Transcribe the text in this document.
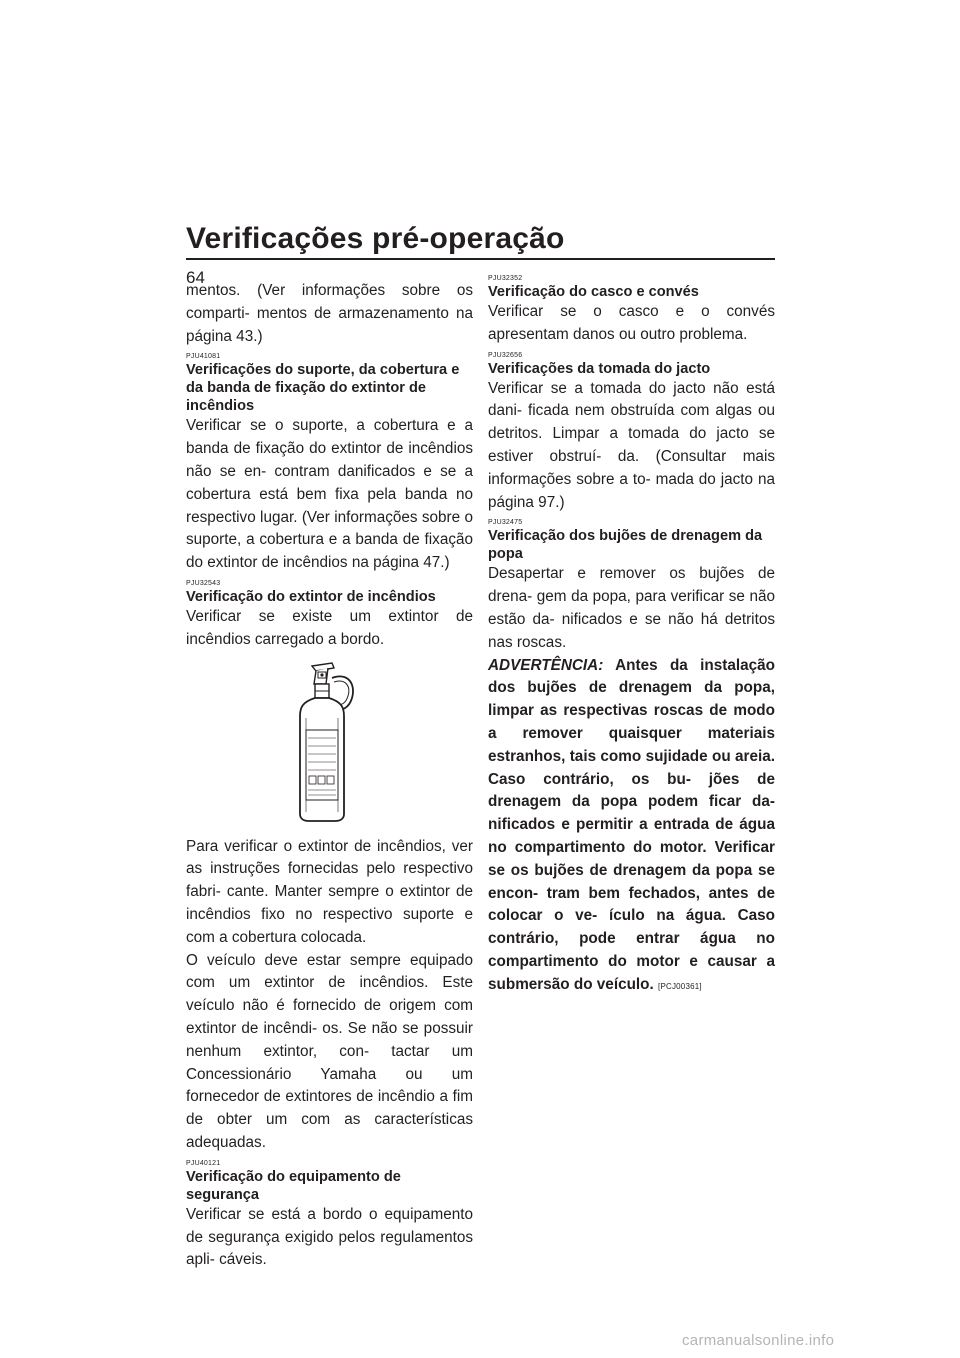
Verificações pré-operação
64

mentos. (Ver informações sobre os comparti- mentos de armazenamento na página 43.)

PJU41081
Verificações do suporte, da cobertura e da banda de fixação do extintor de incêndios

Verificar se o suporte, a cobertura e a banda de fixação do extintor de incêndios não se en- contram danificados e se a cobertura está bem fixa pela banda no respectivo lugar. (Ver informações sobre o suporte, a cobertura e a banda de fixação do extintor de incêndios na página 47.)

PJU32543
Verificação do extintor de incêndios

Verificar se existe um extintor de incêndios carregado a bordo.

Para verificar o extintor de incêndios, ver as instruções fornecidas pelo respectivo fabri- cante. Manter sempre o extintor de incêndios fixo no respectivo suporte e com a cobertura colocada.

O veículo deve estar sempre equipado com um extintor de incêndios. Este veículo não é fornecido de origem com extintor de incêndi- os. Se não se possuir nenhum extintor, con- tactar um Concessionário Yamaha ou um fornecedor de extintores de incêndio a fim de obter um com as características adequadas.

PJU40121
Verificação do equipamento de segurança

Verificar se está a bordo o equipamento de segurança exigido pelos regulamentos apli- cáveis.

PJU32352
Verificação do casco e convés

Verificar se o casco e o convés apresentam danos ou outro problema.

PJU32656
Verificações da tomada do jacto

Verificar se a tomada do jacto não está dani- ficada nem obstruída com algas ou detritos. Limpar a tomada do jacto se estiver obstruí- da. (Consultar mais informações sobre a to- mada do jacto na página 97.)

PJU32475
Verificação dos bujões de drenagem da popa

Desapertar e remover os bujões de drena- gem da popa, para verificar se não estão da- nificados e se não há detritos nas roscas.

ADVERTÊNCIA: Antes da instalação dos bujões de drenagem da popa, limpar as respectivas roscas de modo a remover quaisquer materiais estranhos, tais como sujidade ou areia. Caso contrário, os bu- jões de drenagem da popa podem ficar da- nificados e permitir a entrada de água no compartimento do motor. Verificar se os bujões de drenagem da popa se encon- tram bem fechados, antes de colocar o ve- ículo na água. Caso contrário, pode entrar água no compartimento do motor e causar a submersão do veículo. [PCJ00361]

carmanualsonline.info
